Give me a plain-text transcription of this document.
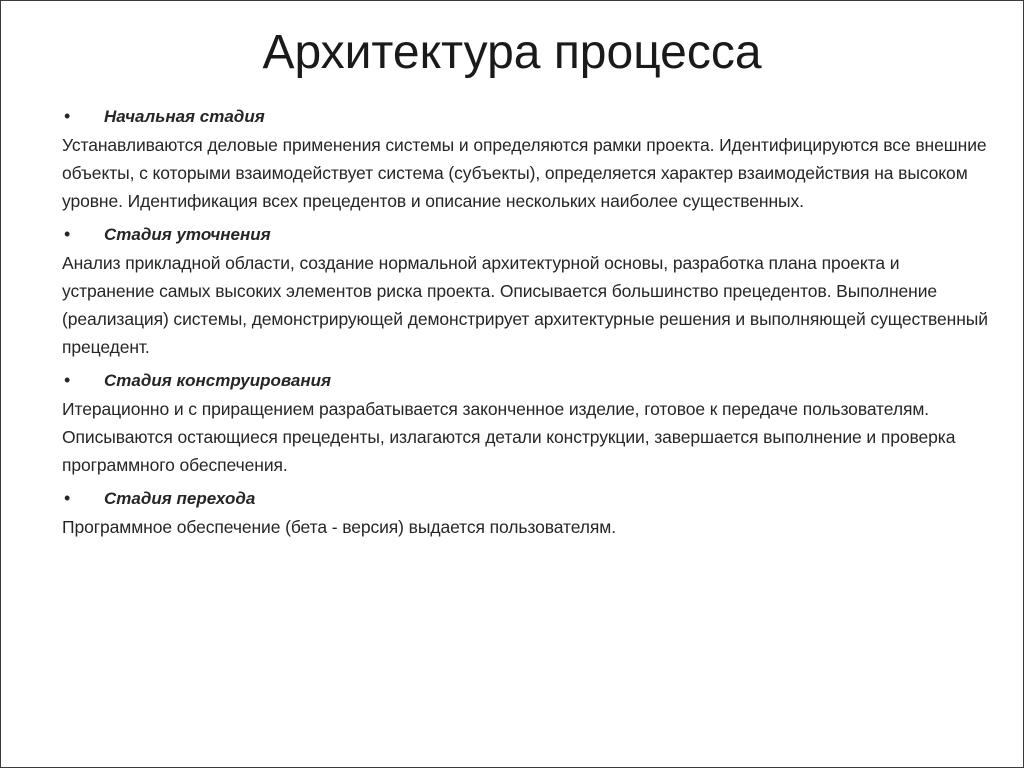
Архитектура процесса
•	Начальная стадия

Устанавливаются деловые применения системы и определяются рамки проекта. Идентифицируются все внешние объекты, с которыми взаимодействует система (субъекты), определяется характер взаимодействия на высоком уровне. Идентификация всех прецедентов и описание нескольких наиболее существенных.

•	Стадия уточнения

Анализ прикладной области, создание нормальной архитектурной основы, разработка плана проекта и устранение самых высоких элементов риска проекта. Описывается большинство прецедентов. Выполнение (реализация) системы, демонстрирующей демонстрирует архитектурные решения и выполняющей существенный прецедент.

•	Стадия конструирования

Итерационно и с приращением разрабатывается законченное изделие, готовое к передаче пользователям. Описываются остающиеся прецеденты, излагаются детали конструкции, завершается выполнение и проверка программного обеспечения.

•	Стадия перехода

Программное обеспечение (бета - версия) выдается пользователям.
